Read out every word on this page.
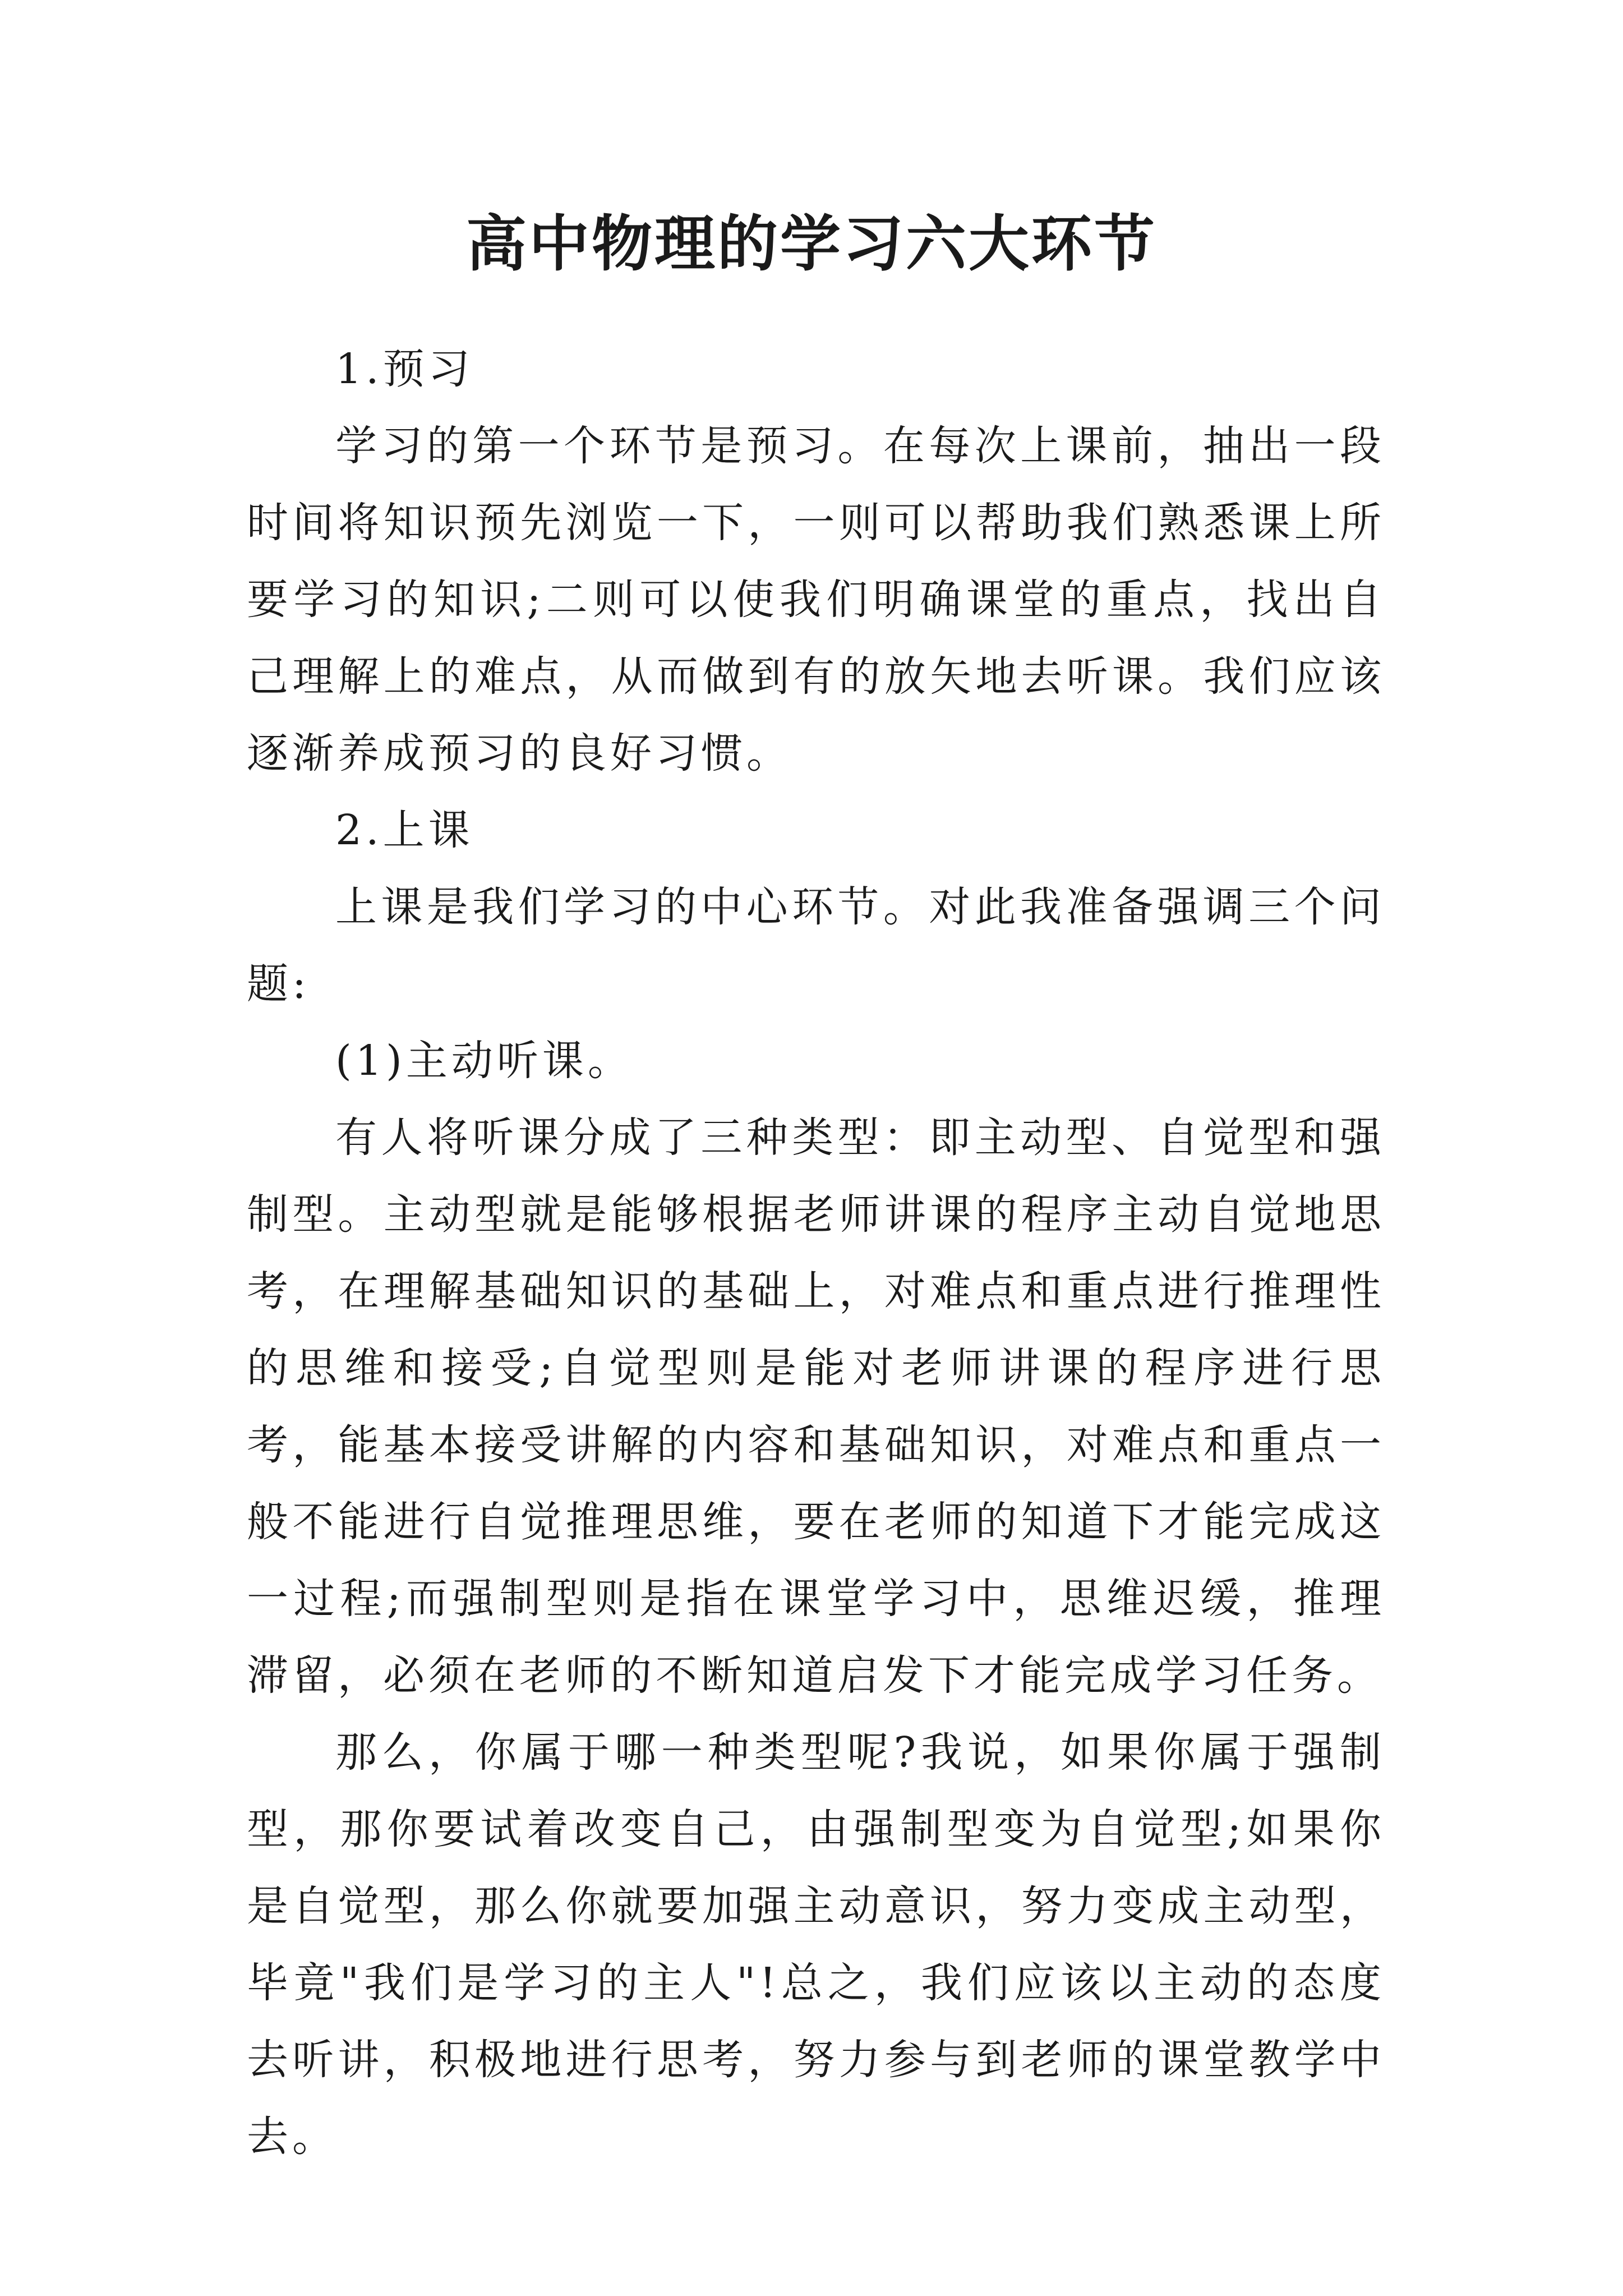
高中物理的学习六大环节

1.预习

学习的第一个环节是预习。在每次上课前，抽出一段时间将知识预先浏览一下，一则可以帮助我们熟悉课上所要学习的知识;二则可以使我们明确课堂的重点，找出自己理解上的难点，从而做到有的放矢地去听课。我们应该逐渐养成预习的良好习惯。

2.上课

上课是我们学习的中心环节。对此我准备强调三个问题:

(1)主动听课。

有人将听课分成了三种类型：即主动型、自觉型和强制型。主动型就是能够根据老师讲课的程序主动自觉地思考，在理解基础知识的基础上，对难点和重点进行推理性的思维和接受;自觉型则是能对老师讲课的程序进行思考，能基本接受讲解的内容和基础知识，对难点和重点一般不能进行自觉推理思维，要在老师的知道下才能完成这一过程;而强制型则是指在课堂学习中，思维迟缓，推理滞留，必须在老师的不断知道启发下才能完成学习任务。

那么，你属于哪一种类型呢?我说，如果你属于强制型，那你要试着改变自己，由强制型变为自觉型;如果你是自觉型，那么你就要加强主动意识，努力变成主动型，毕竟"我们是学习的主人"!总之，我们应该以主动的态度去听讲，积极地进行思考，努力参与到老师的课堂教学中去。
